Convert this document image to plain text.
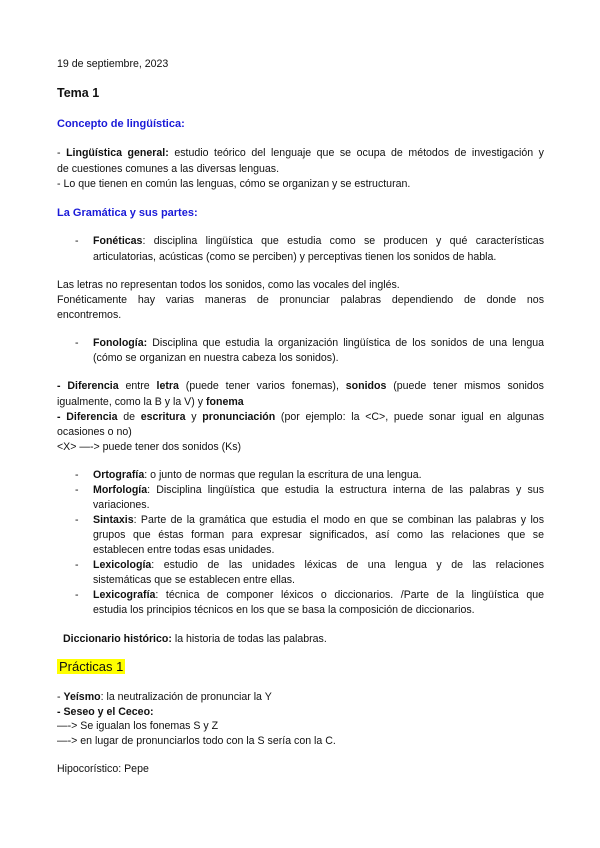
19 de septiembre, 2023
Tema 1
Concepto de lingüística:
- Lingüística general: estudio teórico del lenguaje que se ocupa de métodos de investigación y
de cuestiones comunes a las diversas lenguas.
- Lo que tienen en común las lenguas, cómo se organizan y se estructuran.
La Gramática y sus partes:
- Fonéticas: disciplina lingüística que estudia como se producen y qué características
articulatorias, acústicas (como se perciben) y perceptivas tienen los sonidos de habla.
Las letras no representan todos los sonidos, como las vocales del inglés.
Fonéticamente hay varias maneras de pronunciar palabras dependiendo de donde nos
encontremos.
- Fonología: Disciplina que estudia la organización lingüística de los sonidos de una lengua
(cómo se organizan en nuestra cabeza los sonidos).
- Diferencia entre letra (puede tener varios fonemas), sonidos (puede tener mismos sonidos
igualmente, como la B y la V) y fonema
- Diferencia de escritura y pronunciación (por ejemplo: la <C>, puede sonar igual en algunas
ocasiones o no)
<X> —-> puede tener dos sonidos (Ks)
- Ortografía: o junto de normas que regulan la escritura de una lengua.
- Morfología: Disciplina lingüística que estudia la estructura interna de las palabras y sus
variaciones.
- Sintaxis: Parte de la gramática que estudia el modo en que se combinan las palabras y los
grupos que éstas forman para expresar significados, así como las relaciones que se
establecen entre todas esas unidades.
- Lexicología: estudio de las unidades léxicas de una lengua y de las relaciones
sistemáticas que se establecen entre ellas.
- Lexicografía: técnica de componer léxicos o diccionarios. /Parte de la lingüística que
estudia los principios técnicos en los que se basa la composición de diccionarios.
Diccionario histórico: la historia de todas las palabras.
Prácticas 1
- Yeísmo: la neutralización de pronunciar la Y
- Seseo y el Ceceo:
—-> Se igualan los fonemas S y Z
—-> en lugar de pronunciarlos todo con la S sería con la C.
Hipocorístico: Pepe
